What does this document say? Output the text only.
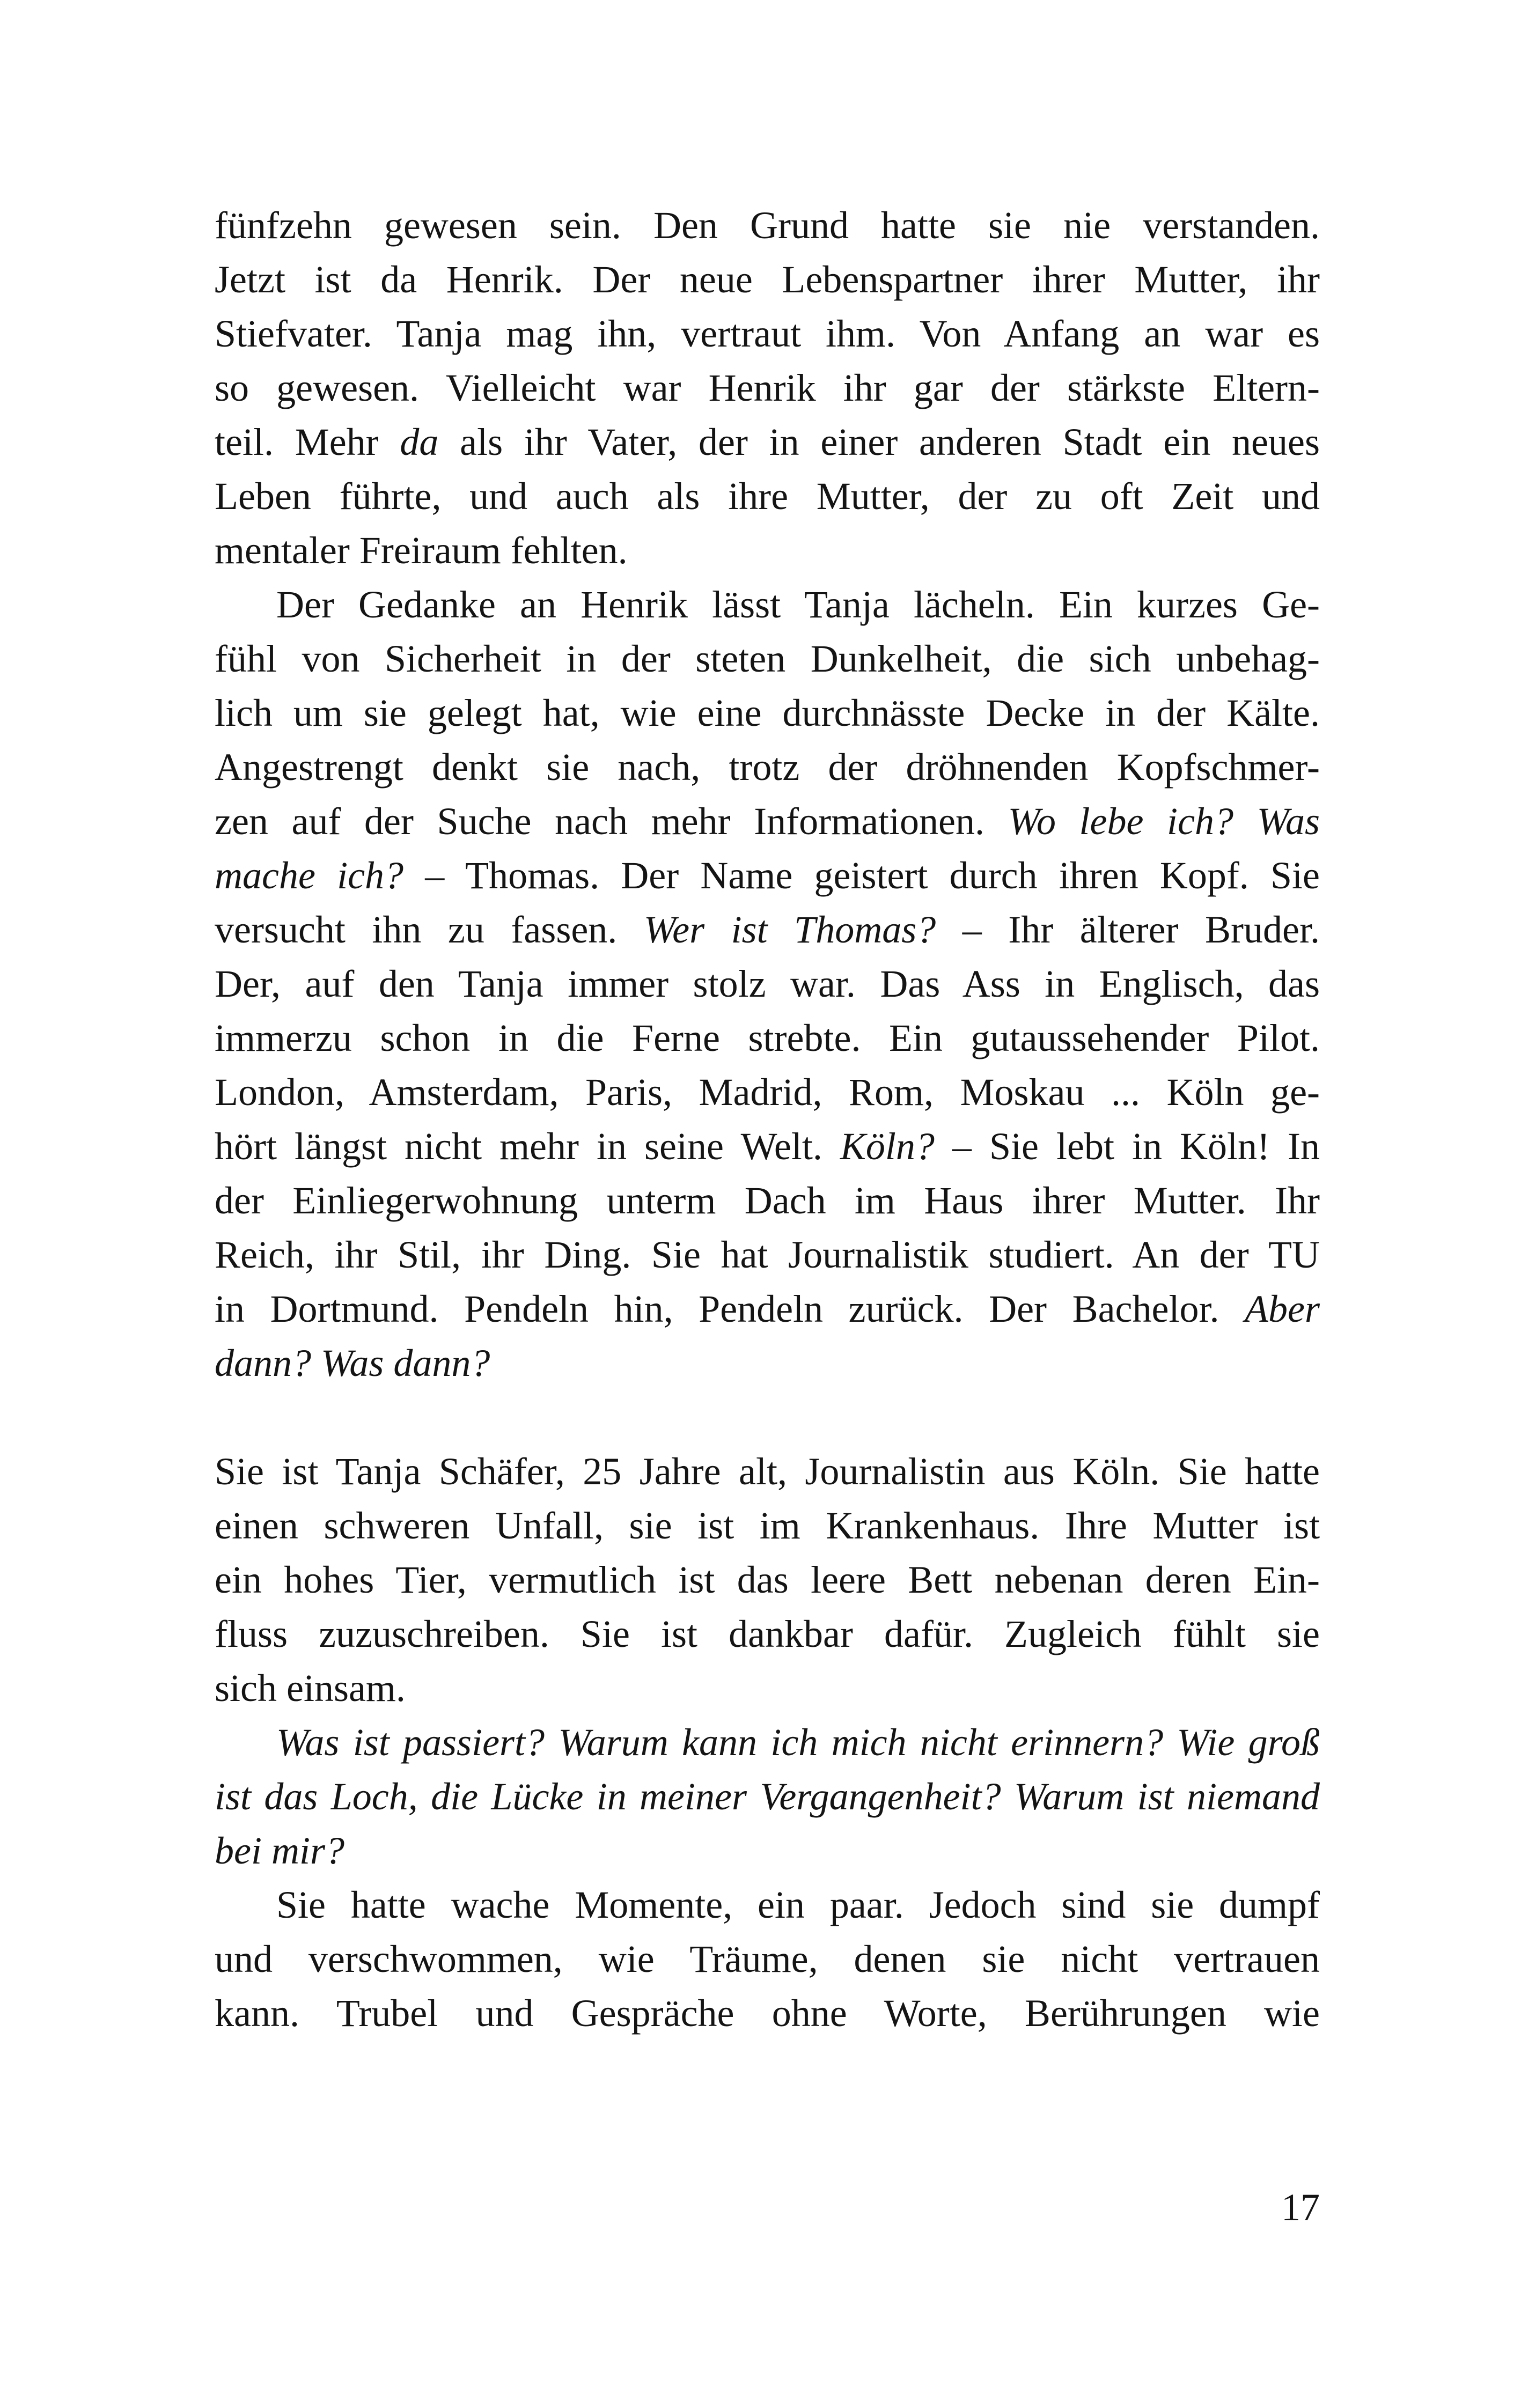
fünfzehn gewesen sein. Den Grund hatte sie nie verstanden.
Jetzt ist da Henrik. Der neue Lebenspartner ihrer Mutter, ihr
Stiefvater. Tanja mag ihn, vertraut ihm. Von Anfang an war es
so gewesen. Vielleicht war Henrik ihr gar der stärkste Eltern-
teil. Mehr da als ihr Vater, der in einer anderen Stadt ein neues
Leben führte, und auch als ihre Mutter, der zu oft Zeit und
mentaler Freiraum fehlten.
Der Gedanke an Henrik lässt Tanja lächeln. Ein kurzes Ge-
fühl von Sicherheit in der steten Dunkelheit, die sich unbehag-
lich um sie gelegt hat, wie eine durchnässte Decke in der Kälte.
Angestrengt denkt sie nach, trotz der dröhnenden Kopfschmer-
zen auf der Suche nach mehr Informationen. Wo lebe ich? Was
mache ich? – Thomas. Der Name geistert durch ihren Kopf. Sie
versucht ihn zu fassen. Wer ist Thomas? – Ihr älterer Bruder.
Der, auf den Tanja immer stolz war. Das Ass in Englisch, das
immerzu schon in die Ferne strebte. Ein gutaussehender Pilot.
London, Amsterdam, Paris, Madrid, Rom, Moskau ... Köln ge-
hört längst nicht mehr in seine Welt. Köln? – Sie lebt in Köln! In
der Einliegerwohnung unterm Dach im Haus ihrer Mutter. Ihr
Reich, ihr Stil, ihr Ding. Sie hat Journalistik studiert. An der TU
in Dortmund. Pendeln hin, Pendeln zurück. Der Bachelor. Aber
dann? Was dann?
Sie ist Tanja Schäfer, 25 Jahre alt, Journalistin aus Köln. Sie hatte
einen schweren Unfall, sie ist im Krankenhaus. Ihre Mutter ist
ein hohes Tier, vermutlich ist das leere Bett nebenan deren Ein-
fluss zuzuschreiben. Sie ist dankbar dafür. Zugleich fühlt sie
sich einsam.
Was ist passiert? Warum kann ich mich nicht erinnern? Wie groß
ist das Loch, die Lücke in meiner Vergangenheit? Warum ist niemand
bei mir?
Sie hatte wache Momente, ein paar. Jedoch sind sie dumpf
und verschwommen, wie Träume, denen sie nicht vertrauen
kann. Trubel und Gespräche ohne Worte, Berührungen wie
17
